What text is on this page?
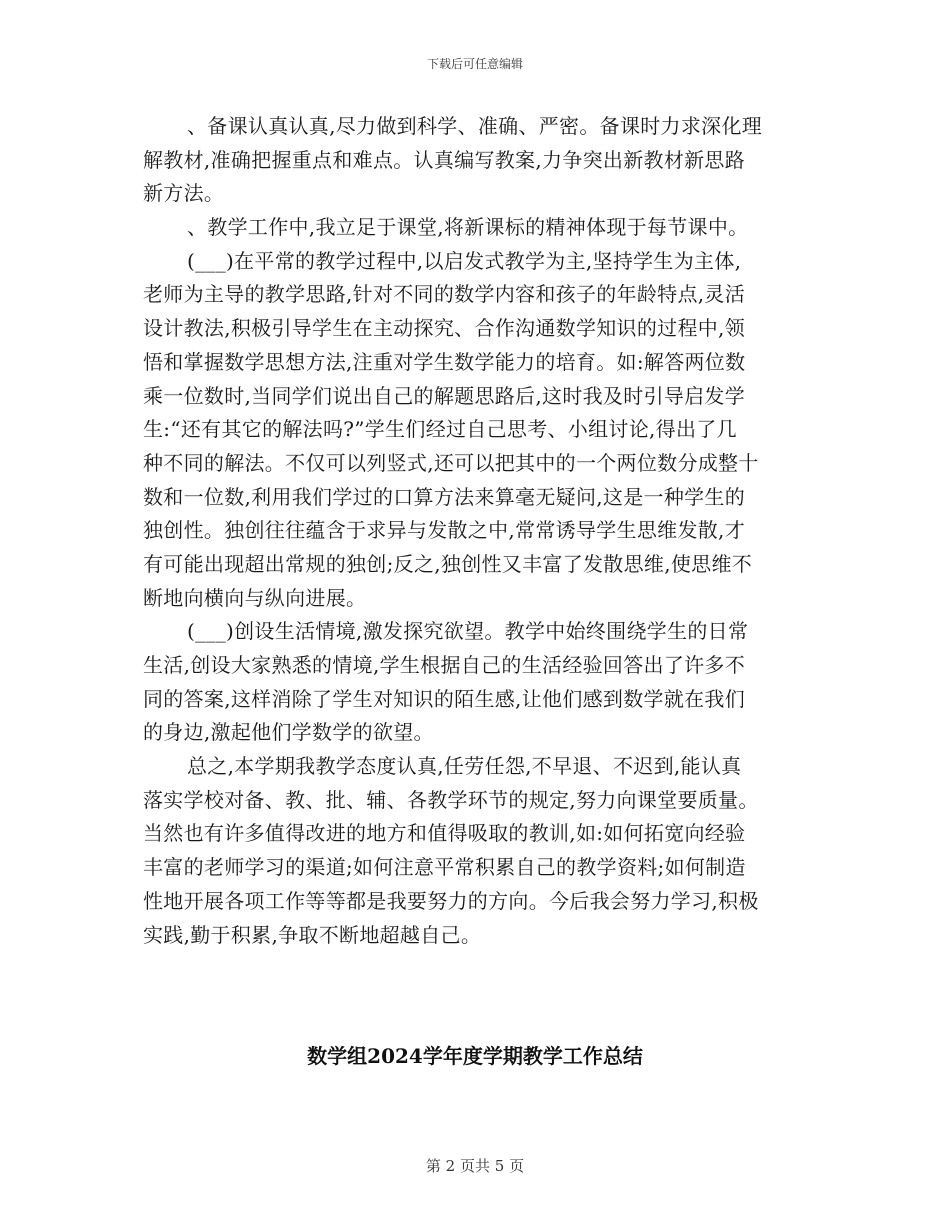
下载后可任意编辑
、备课认真认真,尽力做到科学、准确、严密。备课时力求深化理
解教材,准确把握重点和难点。认真编写教案,力争突出新教材新思路
新方法。
、教学工作中,我立足于课堂,将新课标的精神体现于每节课中。
(___)在平常的教学过程中,以启发式教学为主,坚持学生为主体,
老师为主导的教学思路,针对不同的数学内容和孩子的年龄特点,灵活
设计教法,积极引导学生在主动探究、合作沟通数学知识的过程中,领
悟和掌握数学思想方法,注重对学生数学能力的培育。如:解答两位数
乘一位数时,当同学们说出自己的解题思路后,这时我及时引导启发学
生:“还有其它的解法吗?”学生们经过自己思考、小组讨论,得出了几
种不同的解法。不仅可以列竖式,还可以把其中的一个两位数分成整十
数和一位数,利用我们学过的口算方法来算毫无疑问,这是一种学生的
独创性。独创往往蕴含于求异与发散之中,常常诱导学生思维发散,才
有可能出现超出常规的独创;反之,独创性又丰富了发散思维,使思维不
断地向横向与纵向进展。
(___)创设生活情境,激发探究欲望。教学中始终围绕学生的日常
生活,创设大家熟悉的情境,学生根据自己的生活经验回答出了许多不
同的答案,这样消除了学生对知识的陌生感,让他们感到数学就在我们
的身边,激起他们学数学的欲望。
总之,本学期我教学态度认真,任劳任怨,不早退、不迟到,能认真
落实学校对备、教、批、辅、各教学环节的规定,努力向课堂要质量。
当然也有许多值得改进的地方和值得吸取的教训,如:如何拓宽向经验
丰富的老师学习的渠道;如何注意平常积累自己的教学资料;如何制造
性地开展各项工作等等都是我要努力的方向。今后我会努力学习,积极
实践,勤于积累,争取不断地超越自己。
数学组2024学年度学期教学工作总结
第 2 页共 5 页
